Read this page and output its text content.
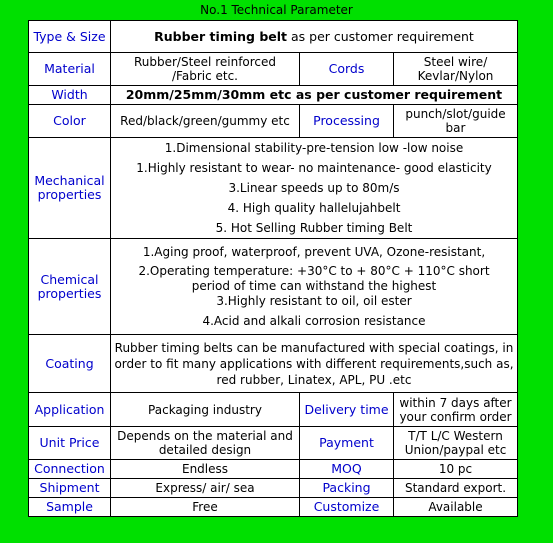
No.1 Technical Parameter
Type & Size	Rubber timing belt as per customer requirement		
Material	Rubber/Steel reinforced /Fabric etc.	Cords	Steel wire/ Kevlar/Nylon
Width	20mm/25mm/30mm etc as per customer requirement		
Color	Red/black/green/gummy etc	Processing	punch/slot/guide bar
Mechanical properties	1.Dimensional stability-pre-tension low -low noise
1.Highly resistant to wear- no maintenance- good elasticity
3.Linear speeds up to 80m/s
4. High quality hallelujahbelt
5. Hot Selling Rubber timing Belt		

Chemical properties	1.Aging proof, waterproof, prevent UVA, Ozone-resistant,
2.Operating temperature: +30°C to + 80°C + 110°C short period of time can withstand the highest
3.Highly resistant to oil, oil ester
4.Acid and alkali corrosion resistance		

Coating	Rubber timing belts can be manufactured with special coatings, in order to fit many applications with different requirements,such as, red rubber, Linatex, APL, PU .etc		
Application	Packaging industry	Delivery time	within 7 days after your confirm order
Unit Price	Depends on the material and detailed design	Payment	T/T L/C Western Union/paypal etc
Connection	Endless	MOQ	10 pc
Shipment	Express/ air/ sea	Packing	Standard export.
Sample	Free	Customize	Available
